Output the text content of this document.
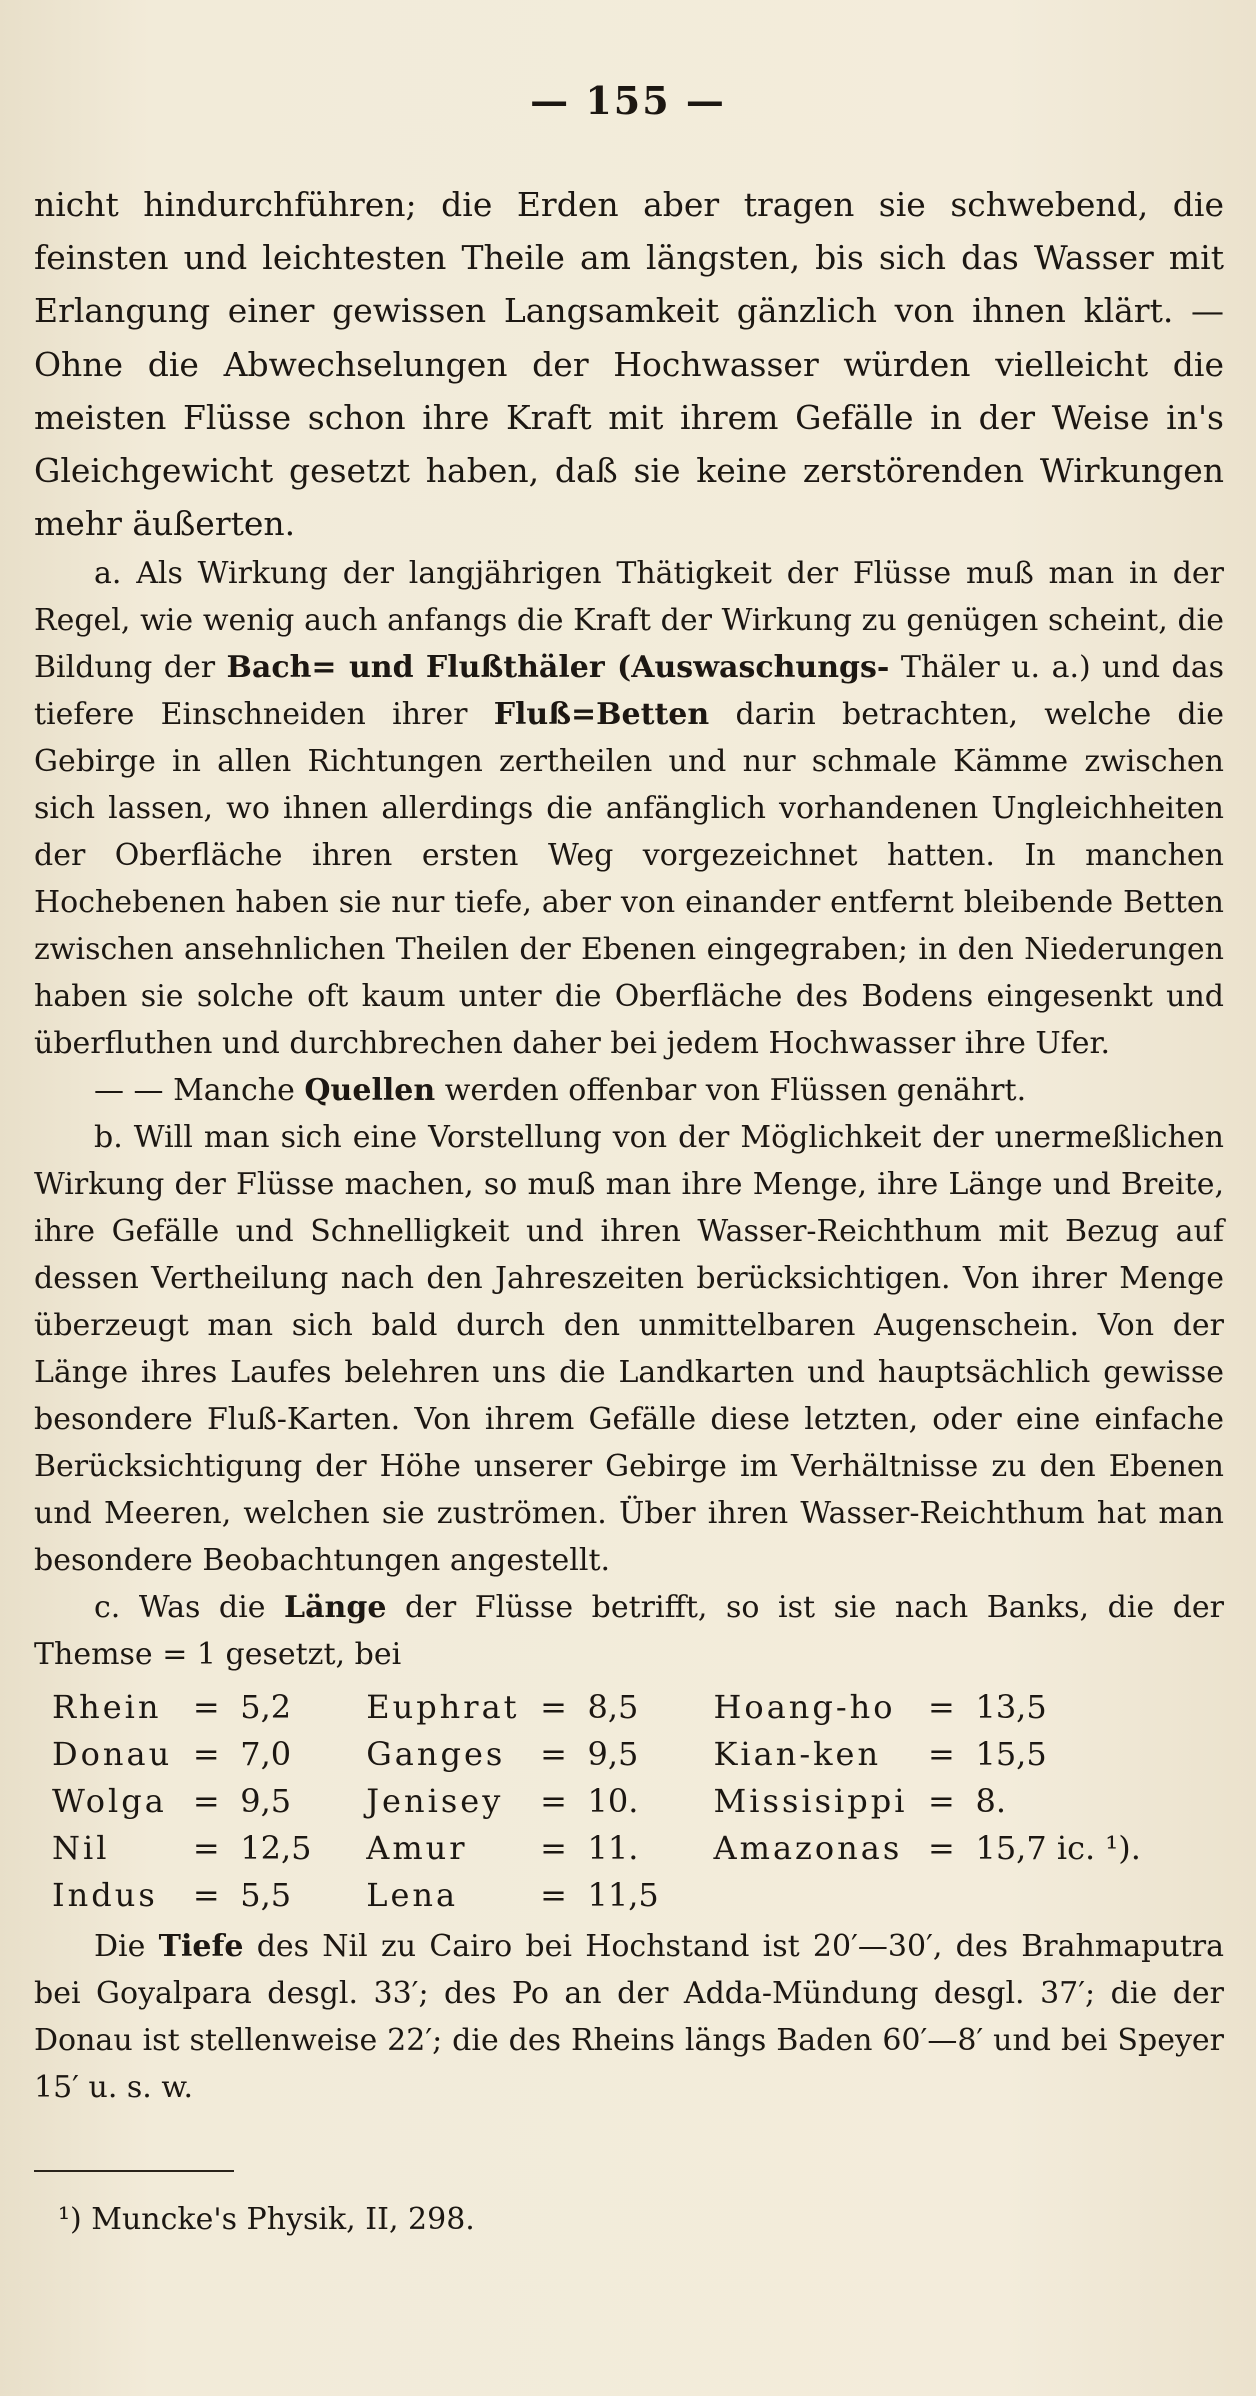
— 155 —

nicht hindurchführen; die Erden aber tragen sie schwebend, die feinsten und leichtesten Theile am längsten, bis sich das Wasser mit Erlangung einer gewissen Langsamkeit gänzlich von ihnen klärt. — Ohne die Abwechselungen der Hochwasser würden vielleicht die meisten Flüsse schon ihre Kraft mit ihrem Gefälle in der Weise in's Gleichgewicht gesetzt haben, daß sie keine zerstörenden Wirkungen mehr äußerten.

a. Als Wirkung der langjährigen Thätigkeit der Flüsse muß man in der Regel, wie wenig auch anfangs die Kraft der Wirkung zu genügen scheint, die Bildung der Bach= und Flußthäler (Auswaschungs- Thäler u. a.) und das tiefere Einschneiden ihrer Fluß=Betten darin betrachten, welche die Gebirge in allen Richtungen zertheilen und nur schmale Kämme zwischen sich lassen, wo ihnen allerdings die anfänglich vorhandenen Ungleichheiten der Oberfläche ihren ersten Weg vorgezeichnet hatten. In manchen Hochebenen haben sie nur tiefe, aber von einander entfernt bleibende Betten zwischen ansehnlichen Theilen der Ebenen eingegraben; in den Niederungen haben sie solche oft kaum unter die Oberfläche des Bodens eingesenkt und überfluthen und durchbrechen daher bei jedem Hochwasser ihre Ufer.

— — Manche Quellen werden offenbar von Flüssen genährt.

b. Will man sich eine Vorstellung von der Möglichkeit der unermeßlichen Wirkung der Flüsse machen, so muß man ihre Menge, ihre Länge und Breite, ihre Gefälle und Schnelligkeit und ihren Wasser-Reichthum mit Bezug auf dessen Vertheilung nach den Jahreszeiten berücksichtigen. Von ihrer Menge überzeugt man sich bald durch den unmittelbaren Augenschein. Von der Länge ihres Laufes belehren uns die Landkarten und hauptsächlich gewisse besondere Fluß-Karten. Von ihrem Gefälle diese letzten, oder eine einfache Berücksichtigung der Höhe unserer Gebirge im Verhältnisse zu den Ebenen und Meeren, welchen sie zuströmen. Über ihren Wasser-Reichthum hat man besondere Beobachtungen angestellt.

c. Was die Länge der Flüsse betrifft, so ist sie nach Banks, die der Themse = 1 gesetzt, bei

Rhein	=	5,2	Euphrat	=	8,5	Hoang-ho	=	13,5
Donau	=	7,0	Ganges	=	9,5	Kian-ken	=	15,5
Wolga	=	9,5	Jenisey	=	10.	Missisippi	=	8.
Nil	=	12,5	Amur	=	11.	Amazonas	=	15,7 ic. ¹).
Indus	=	5,5	Lena	=	11,5			

Die Tiefe des Nil zu Cairo bei Hochstand ist 20′—30′, des Brahmaputra bei Goyalpara desgl. 33′; des Po an der Adda-Mündung desgl. 37′; die der Donau ist stellenweise 22′; die des Rheins längs Baden 60′—8′ und bei Speyer 15′ u. s. w.

¹) Muncke's Physik, II, 298.
